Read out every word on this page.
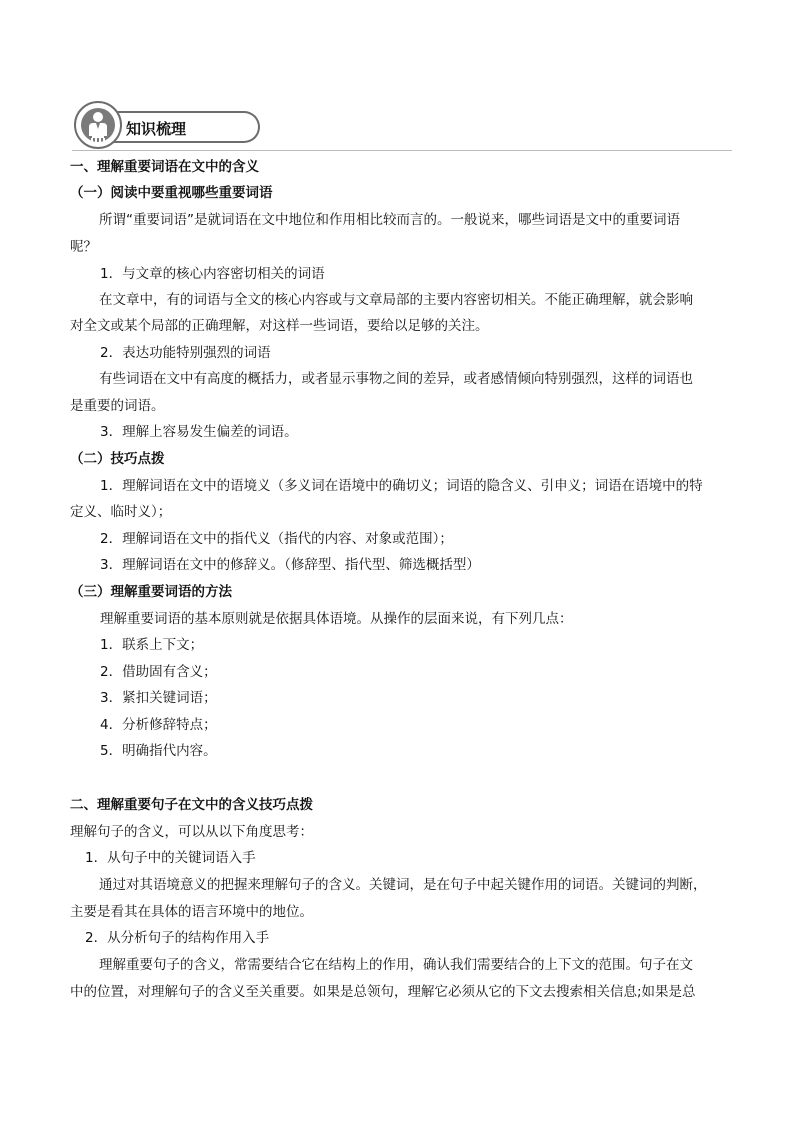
知识梳理
一、理解重要词语在文中的含义
（一）阅读中要重视哪些重要词语
所谓“重要词语”是就词语在文中地位和作用相比较而言的。一般说来，哪些词语是文中的重要词语
呢？
1．与文章的核心内容密切相关的词语
在文章中，有的词语与全文的核心内容或与文章局部的主要内容密切相关。不能正确理解，就会影响
对全文或某个局部的正确理解，对这样一些词语，要给以足够的关注。
2．表达功能特别强烈的词语
有些词语在文中有高度的概括力，或者显示事物之间的差异，或者感情倾向特别强烈，这样的词语也
是重要的词语。
3．理解上容易发生偏差的词语。
（二）技巧点拨
1．理解词语在文中的语境义（多义词在语境中的确切义；词语的隐含义、引申义；词语在语境中的特
定义、临时义）；
2．理解词语在文中的指代义（指代的内容、对象或范围）；
3．理解词语在文中的修辞义。（修辞型、指代型、筛选概括型）
（三）理解重要词语的方法
理解重要词语的基本原则就是依据具体语境。从操作的层面来说，有下列几点：
1．联系上下文；
2．借助固有含义；
3．紧扣关键词语；
4．分析修辞特点；
5．明确指代内容。
二、理解重要句子在文中的含义技巧点拨
理解句子的含义，可以从以下角度思考：
1．从句子中的关键词语入手
通过对其语境意义的把握来理解句子的含义。关键词，是在句子中起关键作用的词语。关键词的判断，
主要是看其在具体的语言环境中的地位。
2．从分析句子的结构作用入手
理解重要句子的含义，常需要结合它在结构上的作用，确认我们需要结合的上下文的范围。句子在文
中的位置，对理解句子的含义至关重要。如果是总领句，理解它必须从它的下文去搜索相关信息;如果是总
